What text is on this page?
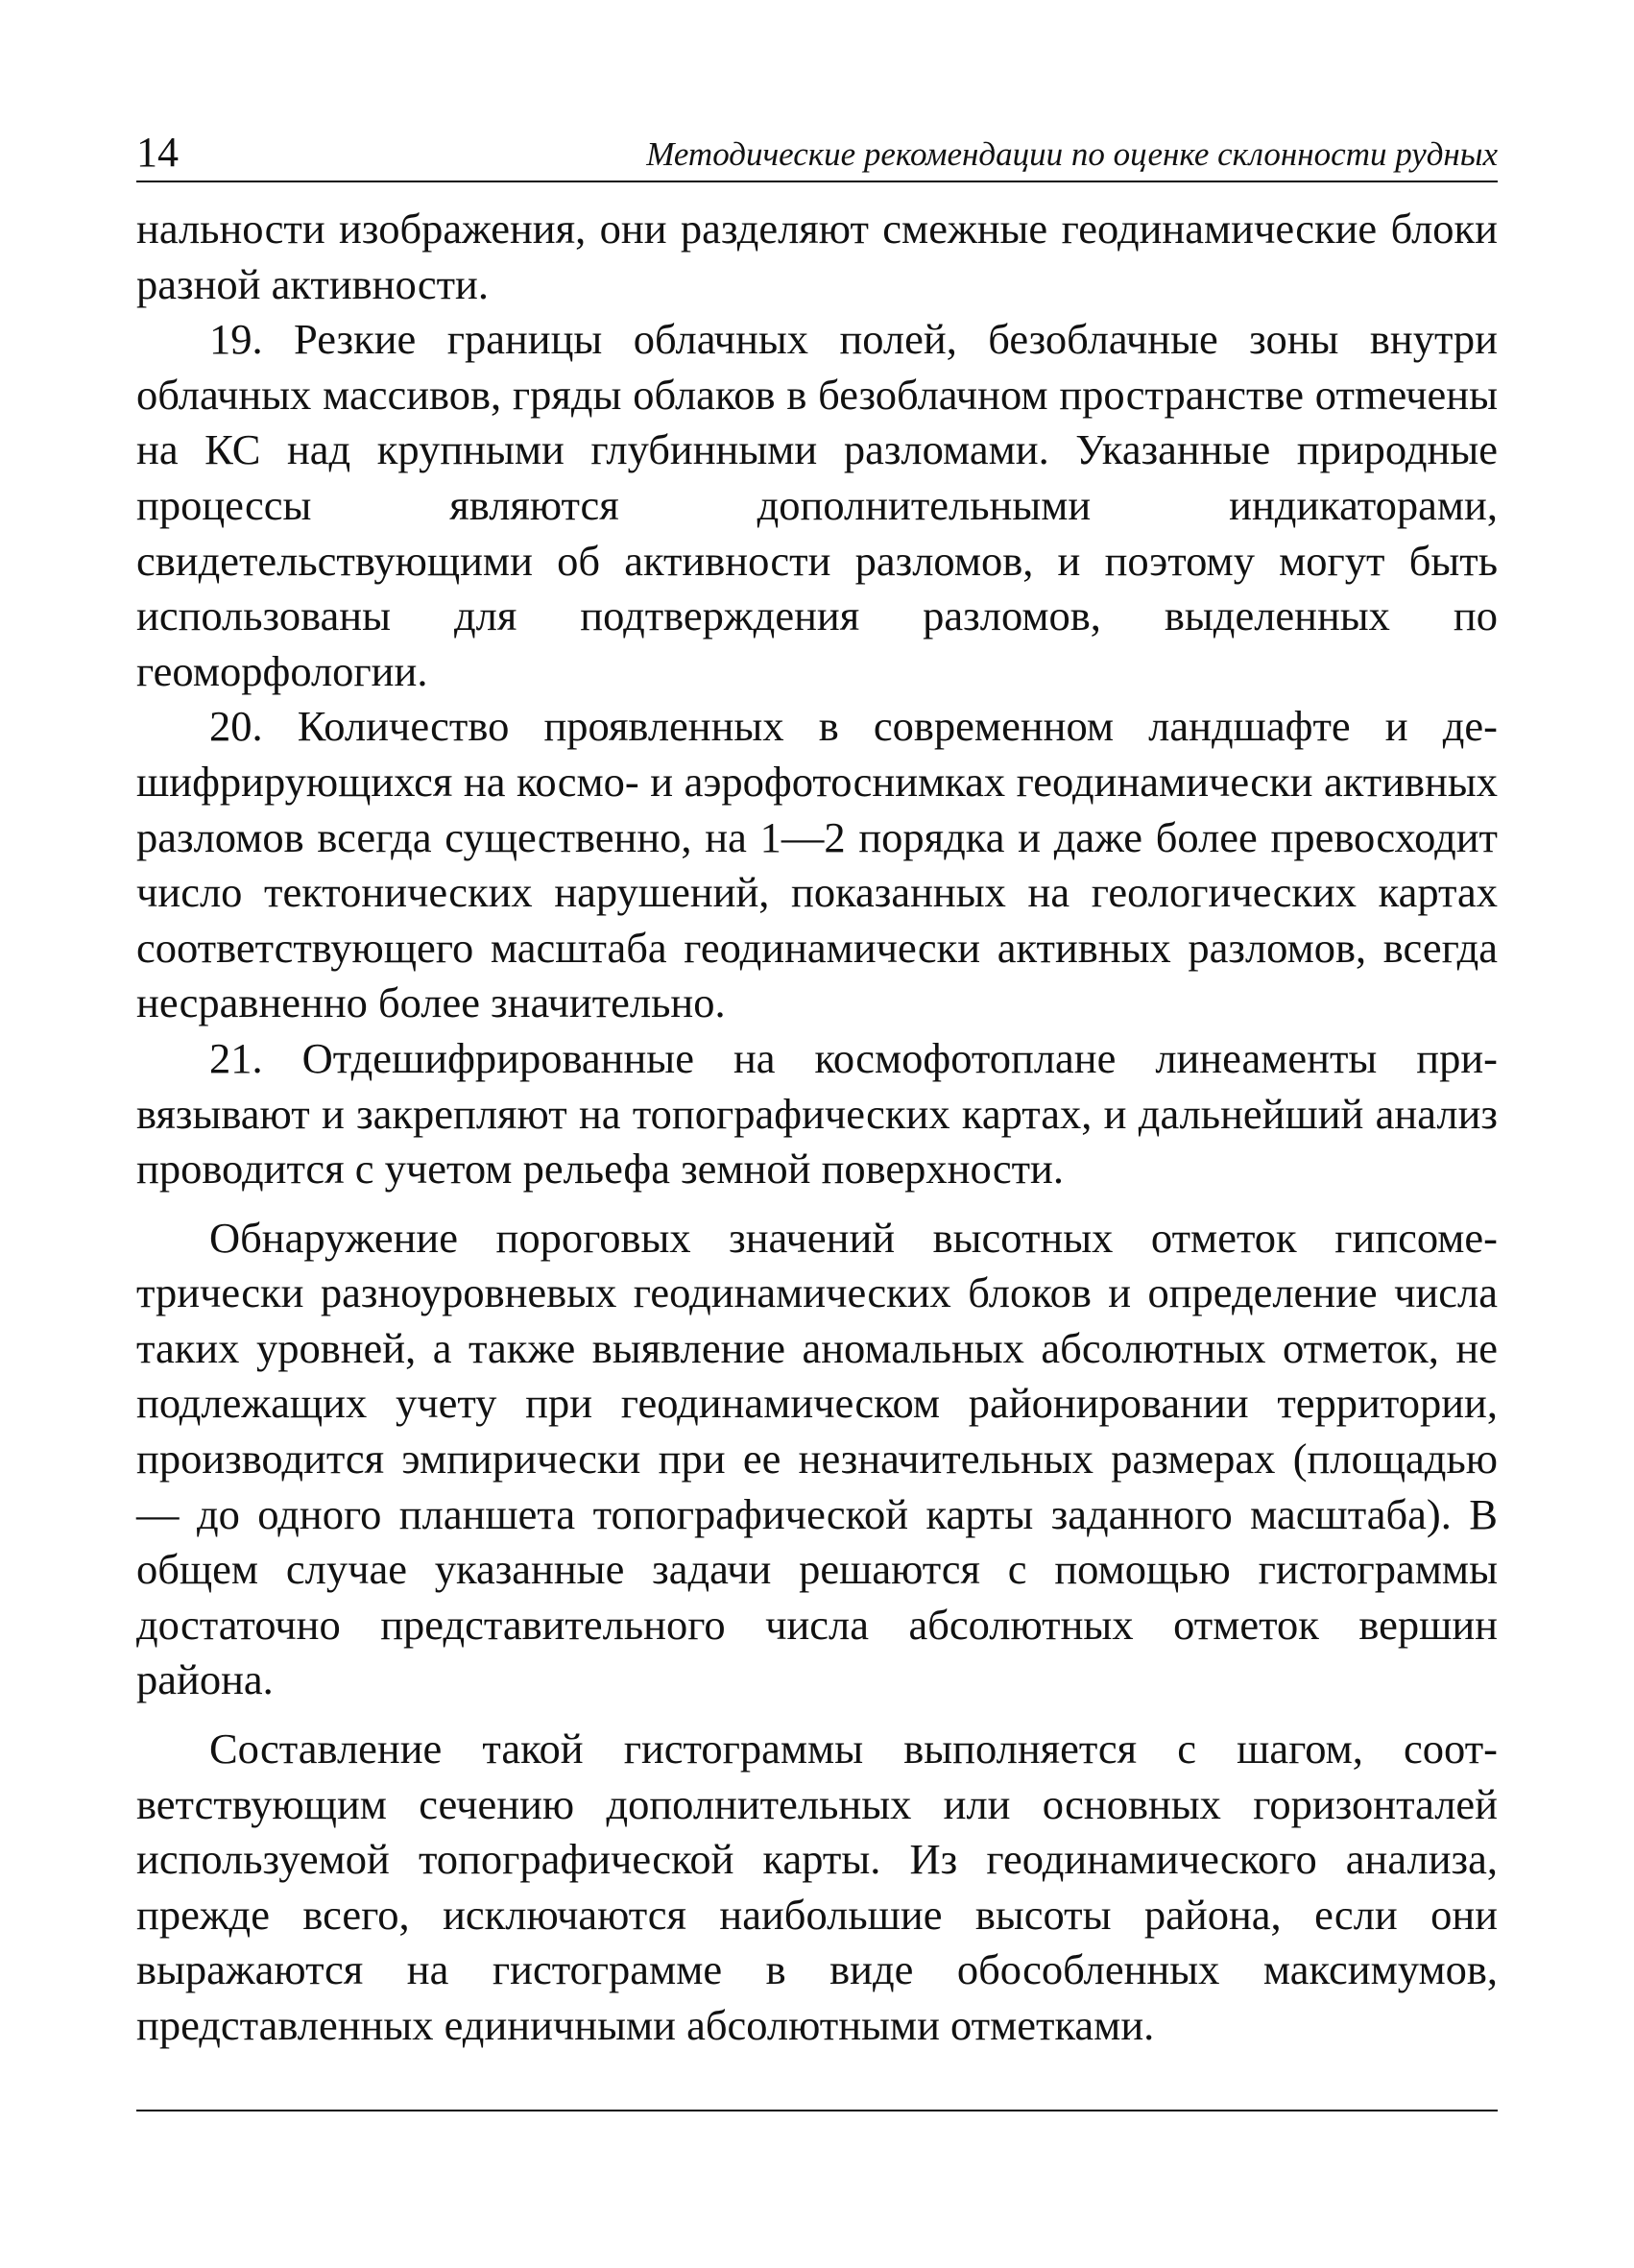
14	Методические рекомендации по оценке склонности рудных

нальности изображения, они разделяют смежные геодинамические блоки разной активности.

19. Резкие границы облачных полей, безоблачные зоны внутри облачных массивов, гряды облаков в безоблачном пространстве отmечены на КС над крупными глубинными разломами. Указанные природные процессы являются дополнительными индикаторами, свидетельствующими об активности разломов, и поэтому могут быть использованы для подтверждения разломов, выделенных по геоморфологии.

20. Количество проявленных в современном ландшафте и дешифрирующихся на космо- и аэрофотоснимках геодинамически активных разломов всегда существенно, на 1—2 порядка и даже более превосходит число тектонических нарушений, показанных на геологических картах соответствующего масштаба геодинамически активных разломов, всегда несравненно более значительно.

21. Отдешифрированные на космофотоплане линеаменты привязывают и закрепляют на топографических картах, и дальнейший анализ проводится с учетом рельефа земной поверхности.

Обнаружение пороговых значений высотных отметок гипсометрически разноуровневых геодинамических блоков и определение числа таких уровней, а также выявление аномальных абсолютных отметок, не подлежащих учету при геодинамическом районировании территории, производится эмпирически при ее незначительных размерах (площадью — до одного планшета топографической карты заданного масштаба). В общем случае указанные задачи решаются с помощью гистограммы достаточно представительного числа абсолютных отметок вершин района.

Составление такой гистограммы выполняется с шагом, соответствующим сечению дополнительных или основных горизонталей используемой топографической карты. Из геодинамического анализа, прежде всего, исключаются наибольшие высоты района, если они выражаются на гистограмме в виде обособленных максимумов, представленных единичными абсолютными отметками.
